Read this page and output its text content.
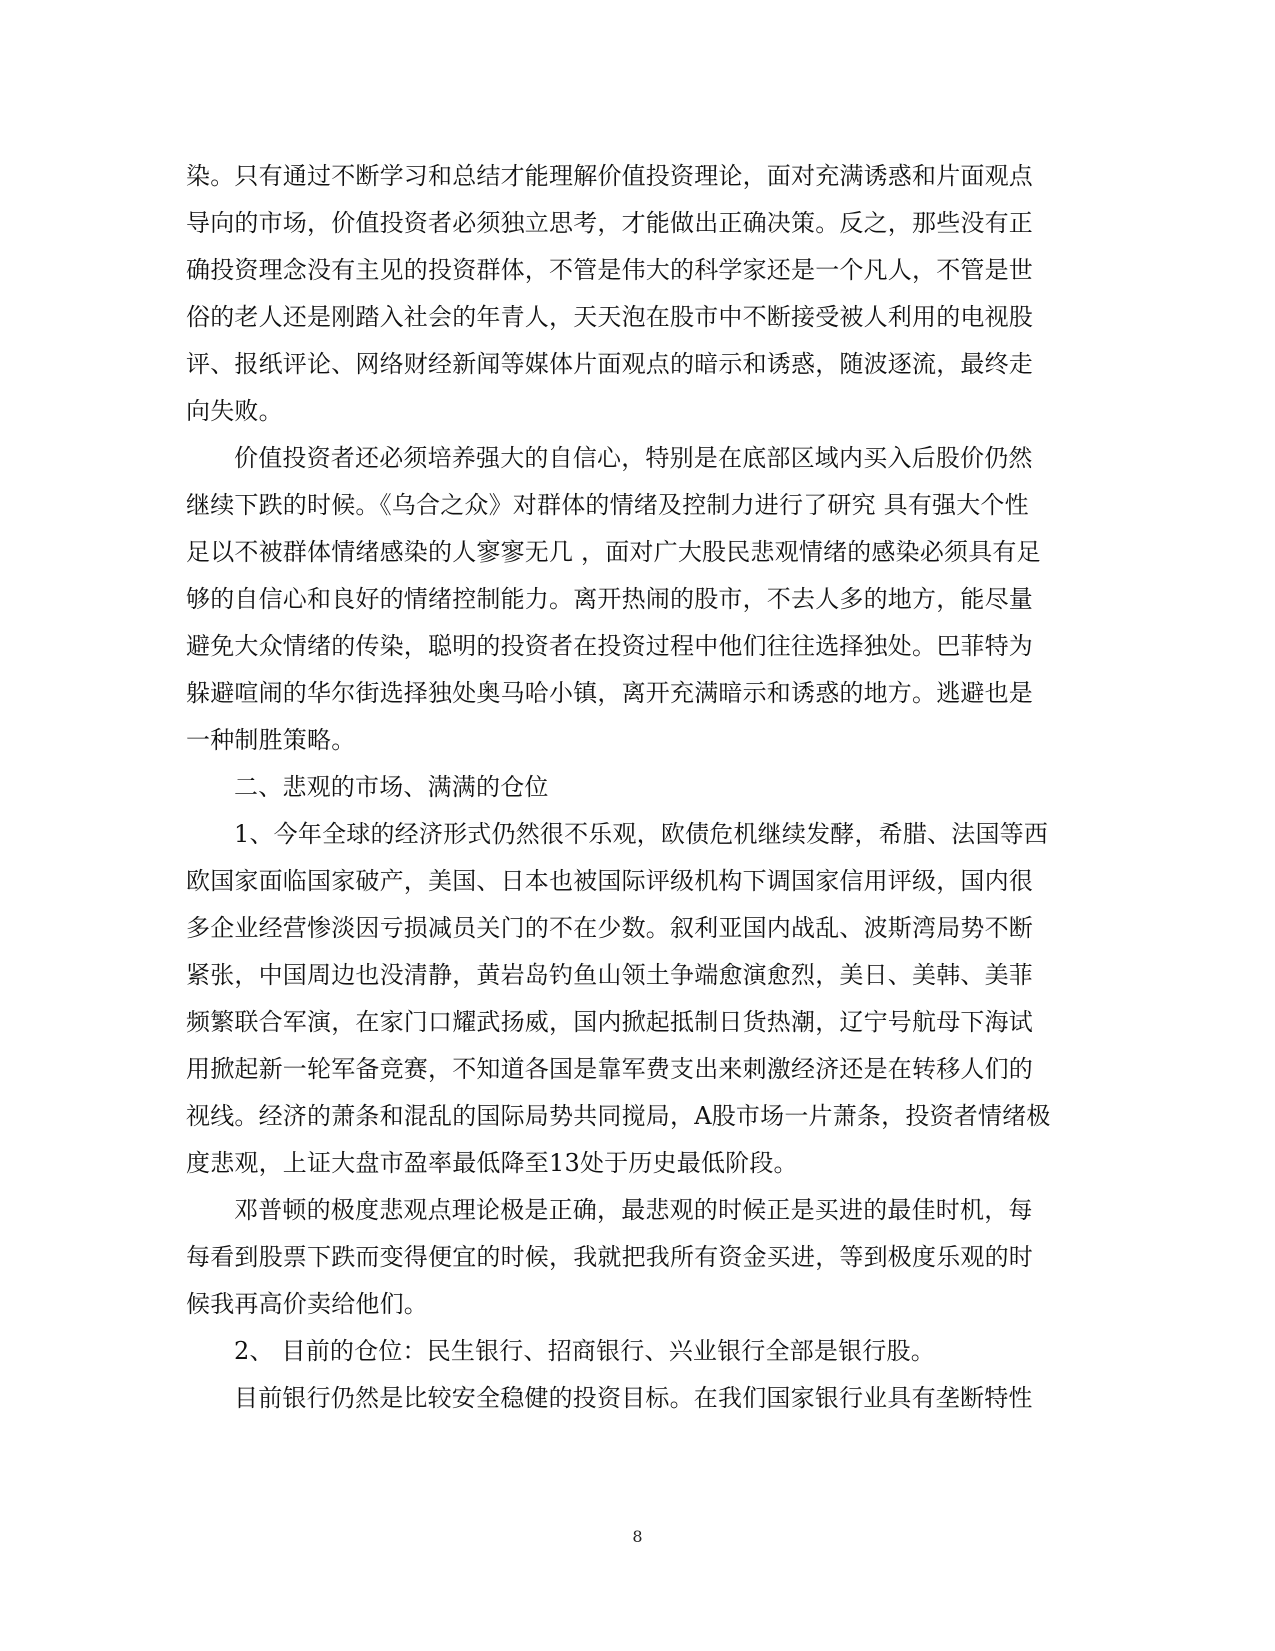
染。只有通过不断学习和总结才能理解价值投资理论，面对充满诱惑和片面观点
导向的市场，价值投资者必须独立思考，才能做出正确决策。反之，那些没有正
确投资理念没有主见的投资群体，不管是伟大的科学家还是一个凡人，不管是世
俗的老人还是刚踏入社会的年青人，天天泡在股市中不断接受被人利用的电视股
评、报纸评论、网络财经新闻等媒体片面观点的暗示和诱惑，随波逐流，最终走
向失败。
价值投资者还必须培养强大的自信心，特别是在底部区域内买入后股价仍然
继续下跌的时候。《乌合之众》对群体的情绪及控制力进行了研究 具有强大个性
足以不被群体情绪感染的人寥寥无几 ，面对广大股民悲观情绪的感染必须具有足
够的自信心和良好的情绪控制能力。离开热闹的股市，不去人多的地方，能尽量
避免大众情绪的传染，聪明的投资者在投资过程中他们往往选择独处。巴菲特为
躲避喧闹的华尔街选择独处奥马哈小镇，离开充满暗示和诱惑的地方。逃避也是
一种制胜策略。
二、悲观的市场、满满的仓位
1、今年全球的经济形式仍然很不乐观，欧债危机继续发酵，希腊、法国等西
欧国家面临国家破产，美国、日本也被国际评级机构下调国家信用评级，国内很
多企业经营惨淡因亏损减员关门的不在少数。叙利亚国内战乱、波斯湾局势不断
紧张，中国周边也没清静，黄岩岛钓鱼山领土争端愈演愈烈，美日、美韩、美菲
频繁联合军演，在家门口耀武扬威，国内掀起抵制日货热潮，辽宁号航母下海试
用掀起新一轮军备竞赛，不知道各国是靠军费支出来刺激经济还是在转移人们的
视线。经济的萧条和混乱的国际局势共同搅局，A股市场一片萧条，投资者情绪极
度悲观，上证大盘市盈率最低降至13处于历史最低阶段。
邓普顿的极度悲观点理论极是正确，最悲观的时候正是买进的最佳时机，每
每看到股票下跌而变得便宜的时候，我就把我所有资金买进，等到极度乐观的时
候我再高价卖给他们。
2、 目前的仓位：民生银行、招商银行、兴业银行全部是银行股。
目前银行仍然是比较安全稳健的投资目标。在我们国家银行业具有垄断特性
8
